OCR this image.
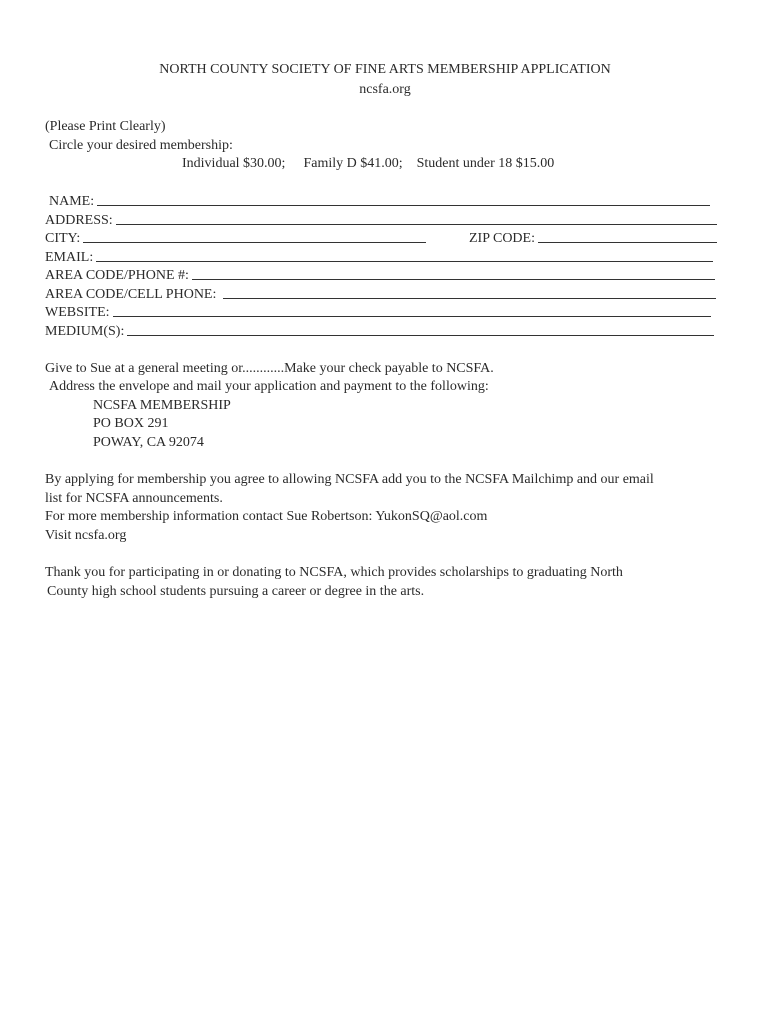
NORTH COUNTY SOCIETY OF FINE ARTS MEMBERSHIP APPLICATION
ncsfa.org
(Please Print Clearly)
Circle your desired membership:
Individual $30.00; Family D $41.00; Student under 18 $15.00
NAME:
ADDRESS:
CITY:	ZIP CODE:
EMAIL:
AREA CODE/PHONE #:
AREA CODE/CELL PHONE:
WEBSITE:
MEDIUM(S):
Give to Sue at a general meeting or............Make your check payable to NCSFA.
Address the envelope and mail your application and payment to the following:
NCSFA MEMBERSHIP
PO BOX 291
POWAY, CA 92074
By applying for membership you agree to allowing NCSFA add you to the NCSFA Mailchimp and our email
list for NCSFA announcements.
For more membership information contact Sue Robertson: YukonSQ@aol.com
Visit ncsfa.org
Thank you for participating in or donating to NCSFA, which provides scholarships to graduating North
County high school students pursuing a career or degree in the arts.
